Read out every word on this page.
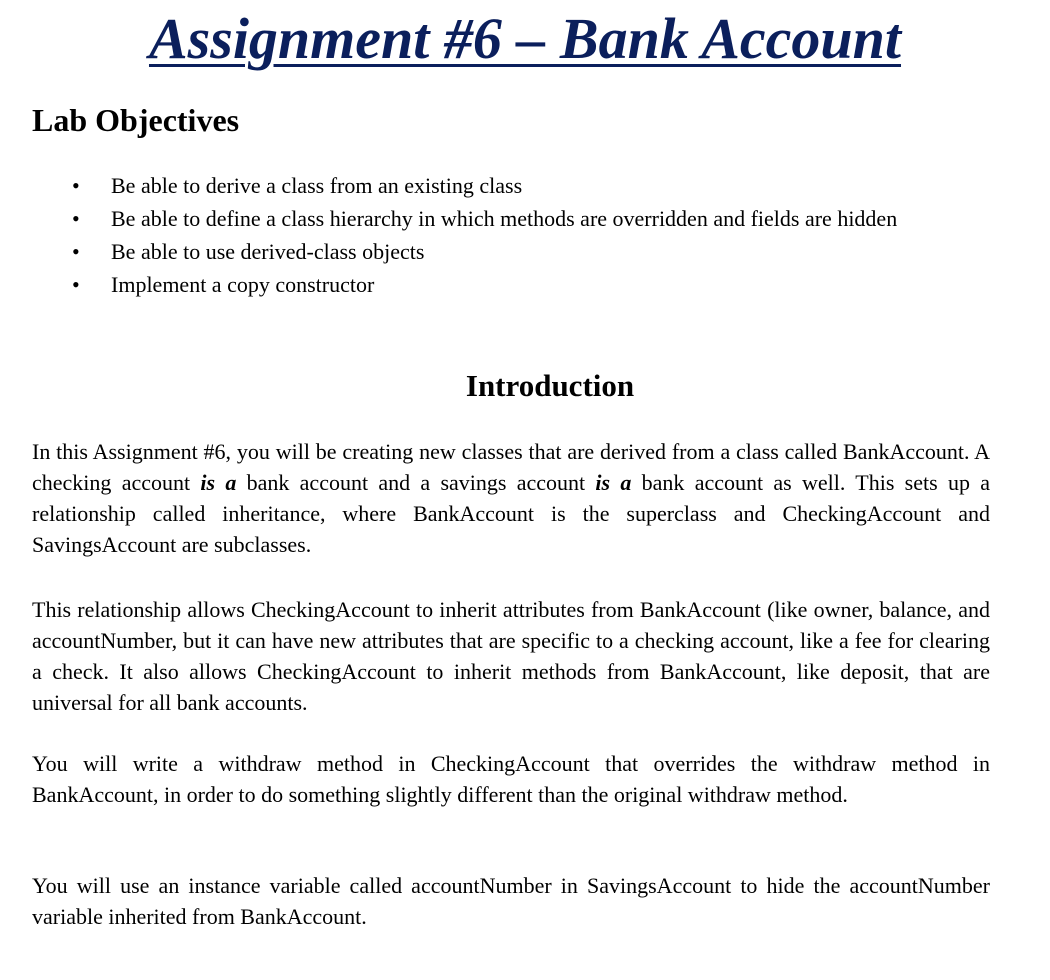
Assignment #6 – Bank Account
Lab Objectives
• Be able to derive a class from an existing class
• Be able to define a class hierarchy in which methods are overridden and fields are hidden
• Be able to use derived-class objects
• Implement a copy constructor
Introduction

In this Assignment #6, you will be creating new classes that are derived from a class called BankAccount. A checking account is a bank account and a savings account is a bank account as well. This sets up a relationship called inheritance, where BankAccount is the superclass and CheckingAccount and SavingsAccount are subclasses.

This relationship allows CheckingAccount to inherit attributes from BankAccount (like owner, balance, and accountNumber, but it can have new attributes that are specific to a checking account, like a fee for clearing a check. It also allows CheckingAccount to inherit methods from BankAccount, like deposit, that are universal for all bank accounts.

You will write a withdraw method in CheckingAccount that overrides the withdraw method in BankAccount, in order to do something slightly different than the original withdraw method.

You will use an instance variable called accountNumber in SavingsAccount to hide the accountNumber variable inherited from BankAccount.
